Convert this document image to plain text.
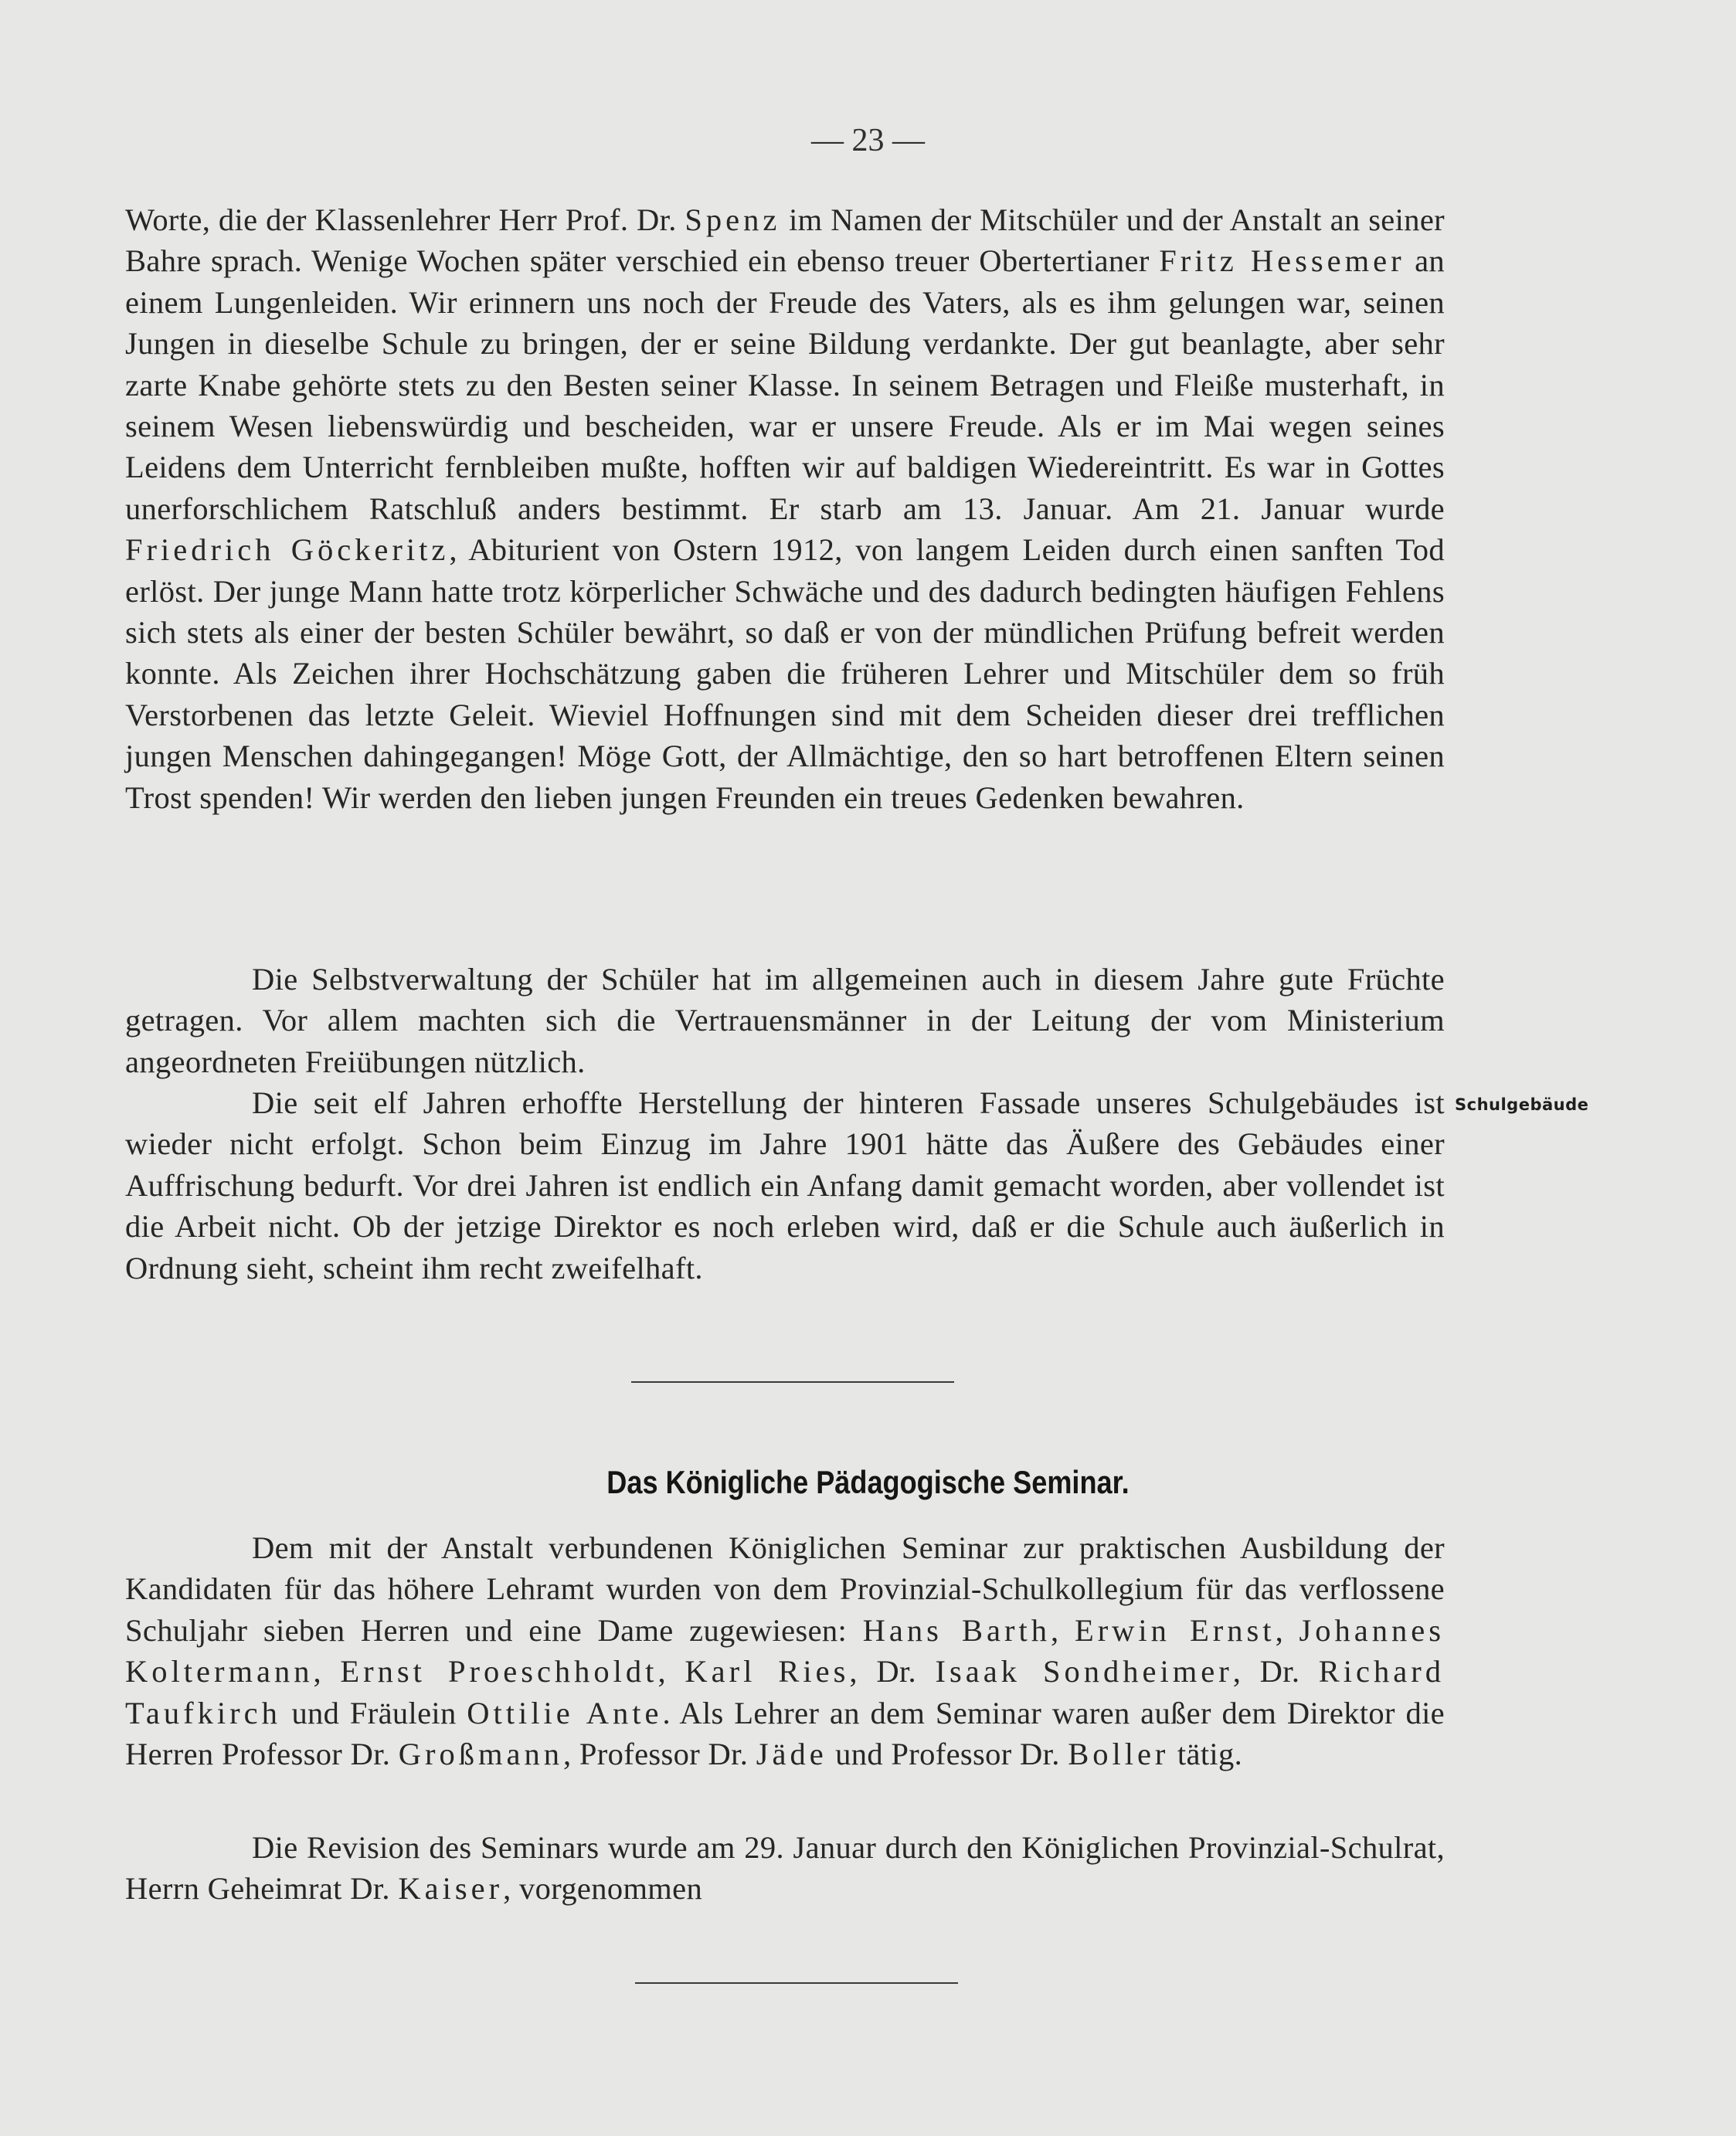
— 23 —

Worte, die der Klassenlehrer Herr Prof. Dr. Spenz im Namen der Mitschüler und der Anstalt an seiner Bahre sprach. Wenige Wochen später verschied ein ebenso treuer Obertertianer Fritz Hessemer an einem Lungenleiden. Wir erinnern uns noch der Freude des Vaters, als es ihm gelungen war, seinen Jungen in dieselbe Schule zu bringen, der er seine Bildung verdankte. Der gut beanlagte, aber sehr zarte Knabe gehörte stets zu den Besten seiner Klasse. In seinem Betragen und Fleiße musterhaft, in seinem Wesen liebenswürdig und bescheiden, war er unsere Freude. Als er im Mai wegen seines Leidens dem Unterricht fernbleiben mußte, hofften wir auf baldigen Wiedereintritt. Es war in Gottes unerforschlichem Ratschluß anders bestimmt. Er starb am 13. Januar. Am 21. Januar wurde Friedrich Göckeritz, Abiturient von Ostern 1912, von langem Leiden durch einen sanften Tod erlöst. Der junge Mann hatte trotz körperlicher Schwäche und des dadurch bedingten häufigen Fehlens sich stets als einer der besten Schüler bewährt, so daß er von der mündlichen Prüfung befreit werden konnte. Als Zeichen ihrer Hochschätzung gaben die früheren Lehrer und Mitschüler dem so früh Verstorbenen das letzte Geleit. Wieviel Hoffnungen sind mit dem Scheiden dieser drei trefflichen jungen Menschen dahingegangen! Möge Gott, der Allmächtige, den so hart betroffenen Eltern seinen Trost spenden! Wir werden den lieben jungen Freunden ein treues Gedenken bewahren.

Die Selbstverwaltung der Schüler hat im allgemeinen auch in diesem Jahre gute Früchte getragen. Vor allem machten sich die Vertrauensmänner in der Leitung der vom Ministerium angeordneten Freiübungen nützlich.

Die seit elf Jahren erhoffte Herstellung der hinteren Fassade unseres Schulgebäudes ist wieder nicht erfolgt. Schon beim Einzug im Jahre 1901 hätte das Äußere des Gebäudes einer Auffrischung bedurft. Vor drei Jahren ist endlich ein Anfang damit gemacht worden, aber vollendet ist die Arbeit nicht. Ob der jetzige Direktor es noch erleben wird, daß er die Schule auch äußerlich in Ordnung sieht, scheint ihm recht zweifelhaft.

Schulgebäude
Das Königliche Pädagogische Seminar.

Dem mit der Anstalt verbundenen Königlichen Seminar zur praktischen Ausbildung der Kandidaten für das höhere Lehramt wurden von dem Provinzial-Schulkollegium für das verflossene Schuljahr sieben Herren und eine Dame zugewiesen: Hans Barth, Erwin Ernst, Johannes Koltermann, Ernst Proeschholdt, Karl Ries, Dr. Isaak Sondheimer, Dr. Richard Taufkirch und Fräulein Ottilie Ante. Als Lehrer an dem Seminar waren außer dem Direktor die Herren Professor Dr. Großmann, Professor Dr. Jäde und Professor Dr. Boller tätig.

Die Revision des Seminars wurde am 29. Januar durch den Königlichen Provinzial-Schulrat, Herrn Geheimrat Dr. Kaiser, vorgenommen
